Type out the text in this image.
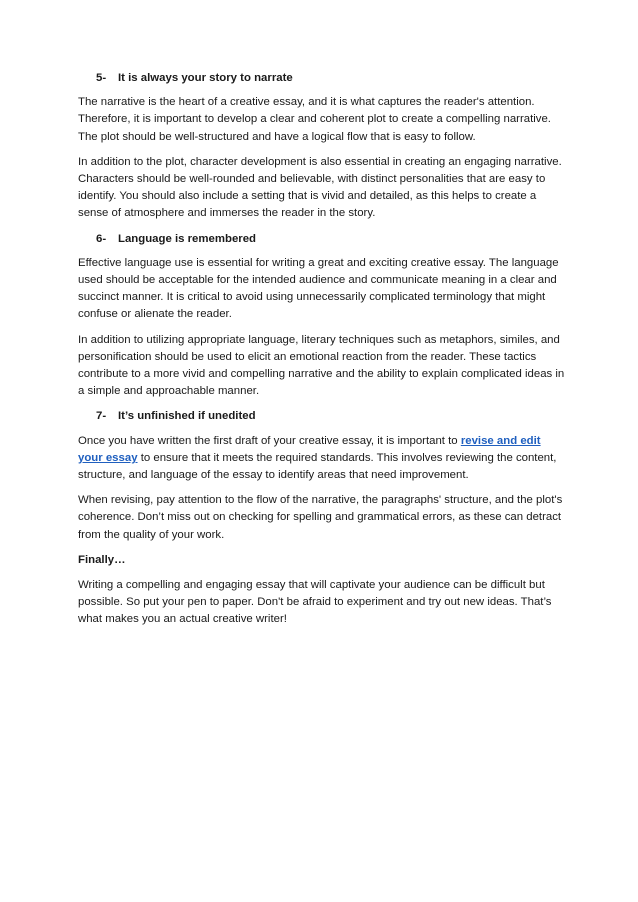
5-	It is always your story to narrate

The narrative is the heart of a creative essay, and it is what captures the reader's attention. Therefore, it is important to develop a clear and coherent plot to create a compelling narrative. The plot should be well-structured and have a logical flow that is easy to follow.

In addition to the plot, character development is also essential in creating an engaging narrative. Characters should be well-rounded and believable, with distinct personalities that are easy to identify. You should also include a setting that is vivid and detailed, as this helps to create a sense of atmosphere and immerses the reader in the story.

6-	Language is remembered

Effective language use is essential for writing a great and exciting creative essay. The language used should be acceptable for the intended audience and communicate meaning in a clear and succinct manner. It is critical to avoid using unnecessarily complicated terminology that might confuse or alienate the reader.

In addition to utilizing appropriate language, literary techniques such as metaphors, similes, and personification should be used to elicit an emotional reaction from the reader. These tactics contribute to a more vivid and compelling narrative and the ability to explain complicated ideas in a simple and approachable manner.

7-	It’s unfinished if unedited

Once you have written the first draft of your creative essay, it is important to revise and edit your essay to ensure that it meets the required standards. This involves reviewing the content, structure, and language of the essay to identify areas that need improvement.

When revising, pay attention to the flow of the narrative, the paragraphs' structure, and the plot's coherence. Don’t miss out on checking for spelling and grammatical errors, as these can detract from the quality of your work.

Finally…

Writing a compelling and engaging essay that will captivate your audience can be difficult but possible. So put your pen to paper. Don't be afraid to experiment and try out new ideas. That’s what makes you an actual creative writer!
